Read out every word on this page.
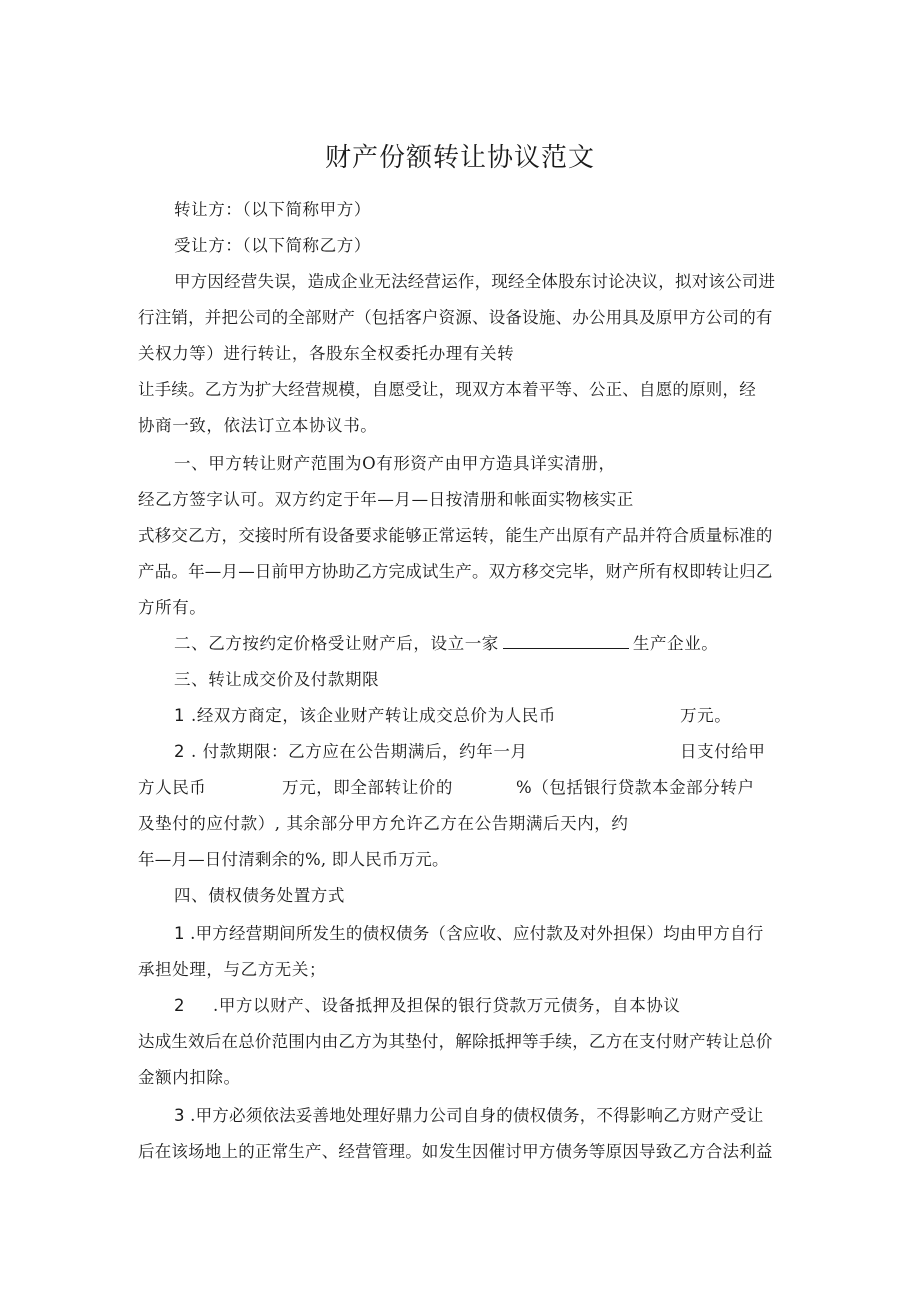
财产份额转让协议范文
转让方：（以下简称甲方）
受让方：（以下简称乙方）
甲方因经营失误，造成企业无法经营运作，现经全体股东讨论决议，拟对该公司进
行注销，并把公司的全部财产（包括客户资源、设备设施、办公用具及原甲方公司的有
关权力等）进行转让，各股东全权委托办理有关转
让手续。乙方为扩大经营规模，自愿受让，现双方本着平等、公正、自愿的原则，经
协商一致，依法订立本协议书。
一、甲方转让财产范围为O有形资产由甲方造具详实清册，
经乙方签字认可。双方约定于年—月—日按清册和帐面实物核实正
式移交乙方，交接时所有设备要求能够正常运转，能生产出原有产品并符合质量标准的
产品。年—月—日前甲方协助乙方完成试生产。双方移交完毕，财产所有权即转让归乙
方所有。
二、乙方按约定价格受让财产后，设立一家	生产企业。
三、转让成交价及付款期限
1 .经双方商定，该企业财产转让成交总价为人民币	万元。
2 . 付款期限：乙方应在公告期满后，约年一月	日支付给甲
方人民币	万元，即全部转让价的	%（包括银行贷款本金部分转户
及垫付的应付款）, 其余部分甲方允许乙方在公告期满后天内，约
年—月—日付清剩余的%, 即人民币万元。
四、债权债务处置方式
1 .甲方经营期间所发生的债权债务（含应收、应付款及对外担保）均由甲方自行
承担处理，与乙方无关；
2 .甲方以财产、设备抵押及担保的银行贷款万元债务，自本协议
达成生效后在总价范围内由乙方为其垫付，解除抵押等手续，乙方在支付财产转让总价
金额内扣除。
3 .甲方必须依法妥善地处理好鼎力公司自身的债权债务，不得影响乙方财产受让
后在该场地上的正常生产、经营管理。如发生因催讨甲方债务等原因导致乙方合法利益
